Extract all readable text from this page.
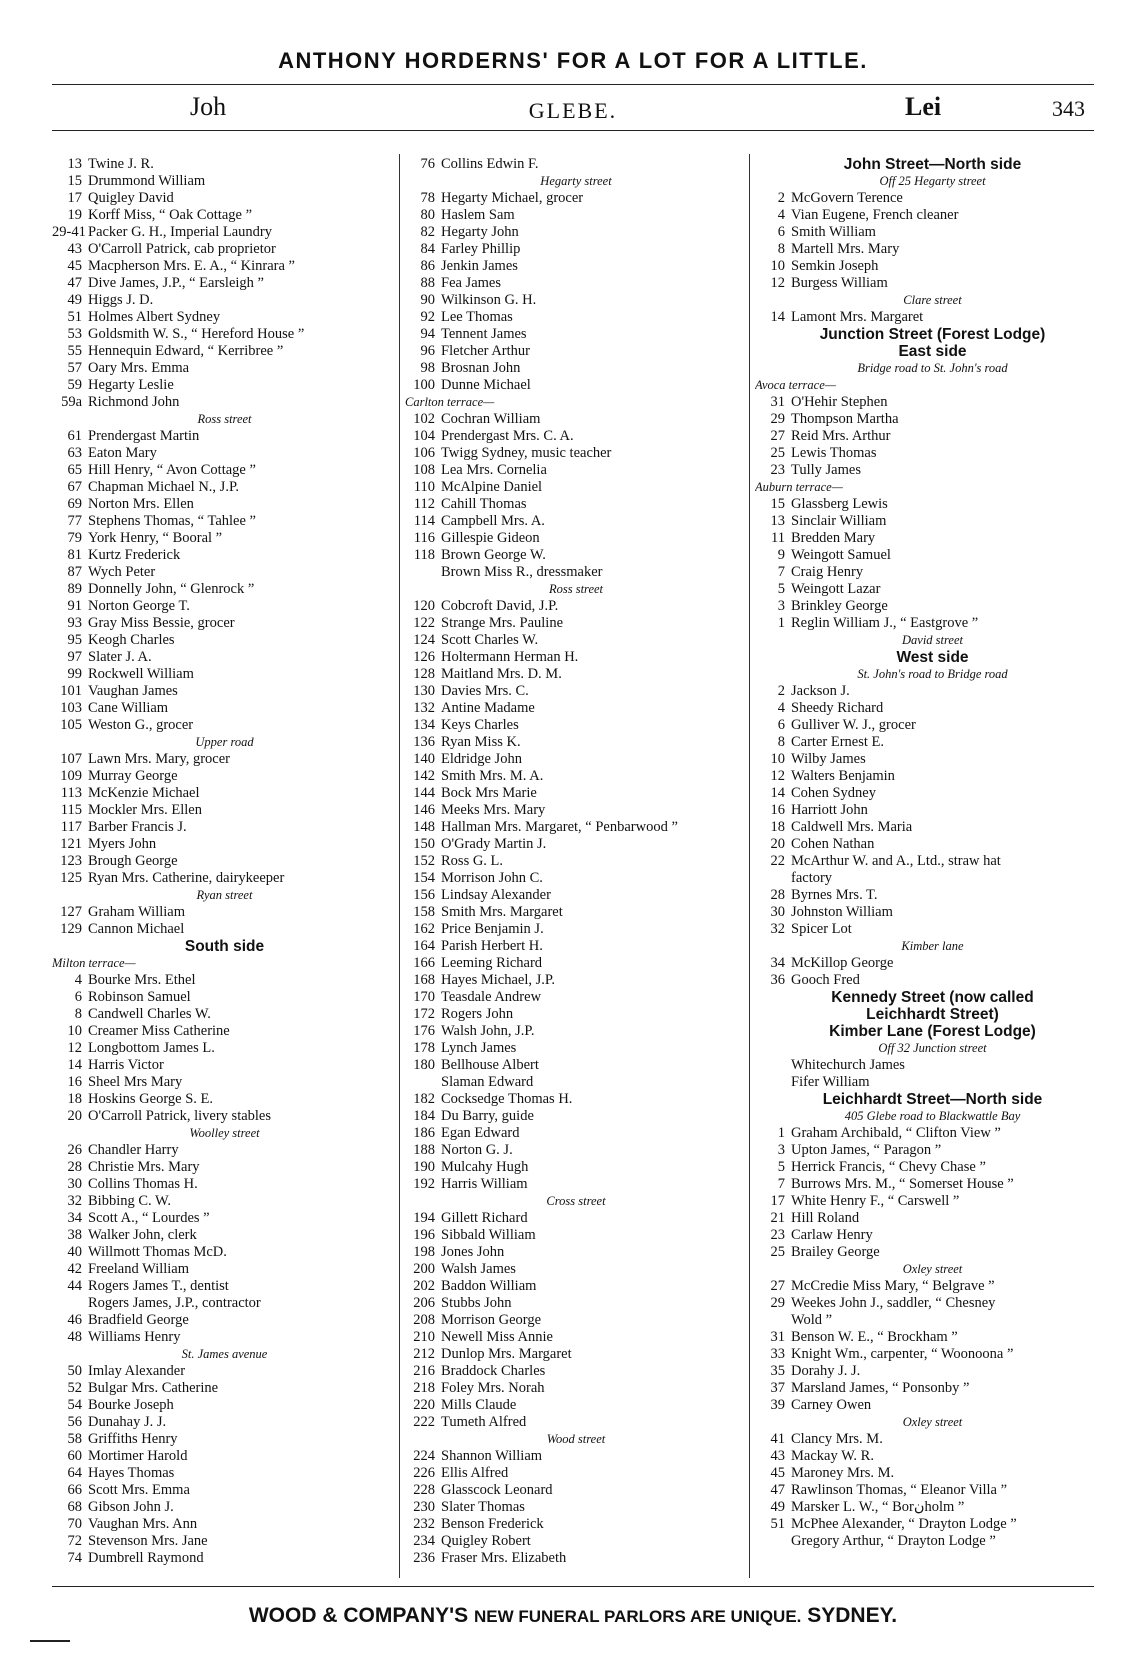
ANTHONY HORDERNS' FOR A LOT FOR A LITTLE.
Joh	GLEBE.	Lei	343
13 Twine J. R.
15 Drummond William
17 Quigley David
19 Korff Miss, “ Oak Cottage ”
29-41 Packer G. H., Imperial Laundry
43 O'Carroll Patrick, cab proprietor
45 Macpherson Mrs. E. A., “ Kinrara ”
47 Dive James, J.P., “ Earsleigh ”
49 Higgs J. D.
51 Holmes Albert Sydney
53 Goldsmith W. S., “ Hereford House ”
55 Hennequin Edward, “ Kerribree ”
57 Oary Mrs. Emma
59 Hegarty Leslie
59a Richmond John
Ross street
61 Prendergast Martin
63 Eaton Mary
65 Hill Henry, “ Avon Cottage ”
67 Chapman Michael N., J.P.
69 Norton Mrs. Ellen
77 Stephens Thomas, “ Tahlee ”
79 York Henry, “ Booral ”
81 Kurtz Frederick
87 Wych Peter
89 Donnelly John, “ Glenrock ”
91 Norton George T.
93 Gray Miss Bessie, grocer
95 Keogh Charles
97 Slater J. A.
99 Rockwell William
101 Vaughan James
103 Cane William
105 Weston G., grocer
Upper road
107 Lawn Mrs. Mary, grocer
109 Murray George
113 McKenzie Michael
115 Mockler Mrs. Ellen
117 Barber Francis J.
121 Myers John
123 Brough George
125 Ryan Mrs. Catherine, dairykeeper
Ryan street
127 Graham William
129 Cannon Michael
South side
Milton terrace—
4 Bourke Mrs. Ethel
6 Robinson Samuel
8 Candwell Charles W.
10 Creamer Miss Catherine
12 Longbottom James L.
14 Harris Victor
16 Sheel Mrs Mary
18 Hoskins George S. E.
20 O'Carroll Patrick, livery stables
Woolley street
26 Chandler Harry
28 Christie Mrs. Mary
30 Collins Thomas H.
32 Bibbing C. W.
34 Scott A., “ Lourdes ”
38 Walker John, clerk
40 Willmott Thomas McD.
42 Freeland William
44 Rogers James T., dentist
Rogers James, J.P., contractor
46 Bradfield George
48 Williams Henry
St. James avenue
50 Imlay Alexander
52 Bulgar Mrs. Catherine
54 Bourke Joseph
56 Dunahay J. J.
58 Griffiths Henry
60 Mortimer Harold
64 Hayes Thomas
66 Scott Mrs. Emma
68 Gibson John J.
70 Vaughan Mrs. Ann
72 Stevenson Mrs. Jane
74 Dumbrell Raymond
76 Collins Edwin F.
Hegarty street
78 Hegarty Michael, grocer
80 Haslem Sam
82 Hegarty John
84 Farley Phillip
86 Jenkin James
88 Fea James
90 Wilkinson G. H.
92 Lee Thomas
94 Tennent James
96 Fletcher Arthur
98 Brosnan John
100 Dunne Michael
Carlton terrace—
102 Cochran William
104 Prendergast Mrs. C. A.
106 Twigg Sydney, music teacher
108 Lea Mrs. Cornelia
110 McAlpine Daniel
112 Cahill Thomas
114 Campbell Mrs. A.
116 Gillespie Gideon
118 Brown George W.
Brown Miss R., dressmaker
Ross street
120 Cobcroft David, J.P.
122 Strange Mrs. Pauline
124 Scott Charles W.
126 Holtermann Herman H.
128 Maitland Mrs. D. M.
130 Davies Mrs. C.
132 Antine Madame
134 Keys Charles
136 Ryan Miss K.
140 Eldridge John
142 Smith Mrs. M. A.
144 Bock Mrs Marie
146 Meeks Mrs. Mary
148 Hallman Mrs. Margaret, “ Penbarwood ”
150 O'Grady Martin J.
152 Ross G. L.
154 Morrison John C.
156 Lindsay Alexander
158 Smith Mrs. Margaret
162 Price Benjamin J.
164 Parish Herbert H.
166 Leeming Richard
168 Hayes Michael, J.P.
170 Teasdale Andrew
172 Rogers John
176 Walsh John, J.P.
178 Lynch James
180 Bellhouse Albert
Slaman Edward
182 Cocksedge Thomas H.
184 Du Barry, guide
186 Egan Edward
188 Norton G. J.
190 Mulcahy Hugh
192 Harris William
Cross street
194 Gillett Richard
196 Sibbald William
198 Jones John
200 Walsh James
202 Baddon William
206 Stubbs John
208 Morrison George
210 Newell Miss Annie
212 Dunlop Mrs. Margaret
216 Braddock Charles
218 Foley Mrs. Norah
220 Mills Claude
222 Tumeth Alfred
Wood street
224 Shannon William
226 Ellis Alfred
228 Glasscock Leonard
230 Slater Thomas
232 Benson Frederick
234 Quigley Robert
236 Fraser Mrs. Elizabeth
John Street—North side
Off 25 Hegarty street
2 McGovern Terence
4 Vian Eugene, French cleaner
6 Smith William
8 Martell Mrs. Mary
10 Semkin Joseph
12 Burgess William
Clare street
14 Lamont Mrs. Margaret
Junction Street (Forest Lodge)
East side
Bridge road to St. John's road
Avoca terrace—
31 O'Hehir Stephen
29 Thompson Martha
27 Reid Mrs. Arthur
25 Lewis Thomas
23 Tully James
Auburn terrace—
15 Glassberg Lewis
13 Sinclair William
11 Bredden Mary
9 Weingott Samuel
7 Craig Henry
5 Weingott Lazar
3 Brinkley George
1 Reglin William J., “ Eastgrove ”
David street
West side
St. John's road to Bridge road
2 Jackson J.
4 Sheedy Richard
6 Gulliver W. J., grocer
8 Carter Ernest E.
10 Wilby James
12 Walters Benjamin
14 Cohen Sydney
16 Harriott John
18 Caldwell Mrs. Maria
20 Cohen Nathan
22 McArthur W. and A., Ltd., straw hat
factory
28 Byrnes Mrs. T.
30 Johnston William
32 Spicer Lot
Kimber lane
34 McKillop George
36 Gooch Fred
Kennedy Street (now called
Leichhardt Street)
Kimber Lane (Forest Lodge)
Off 32 Junction street
Whitechurch James
Fifer William
Leichhardt Street—North side
405 Glebe road to Blackwattle Bay
1 Graham Archibald, “ Clifton View ”
3 Upton James, “ Paragon ”
5 Herrick Francis, “ Chevy Chase ”
7 Burrows Mrs. M., “ Somerset House ”
17 White Henry F., “ Carswell ”
21 Hill Roland
23 Carlaw Henry
25 Brailey George
Oxley street
27 McCredie Miss Mary, “ Belgrave ”
29 Weekes John J., saddler, “ Chesney
Wold ”
31 Benson W. E., “ Brockham ”
33 Knight Wm., carpenter, “ Woonoona ”
35 Dorahy J. J.
37 Marsland James, “ Ponsonby ”
39 Carney Owen
Oxley street
41 Clancy Mrs. M.
43 Mackay W. R.
45 Maroney Mrs. M.
47 Rawlinson Thomas, “ Eleanor Villa ”
49 Marsker L. W., “ Borنholm ”
51 McPhee Alexander, “ Drayton Lodge ”
Gregory Arthur, “ Drayton Lodge ”
WOOD & COMPANY'S NEW FUNERAL PARLORS ARE UNIQUE. SYDNEY.
